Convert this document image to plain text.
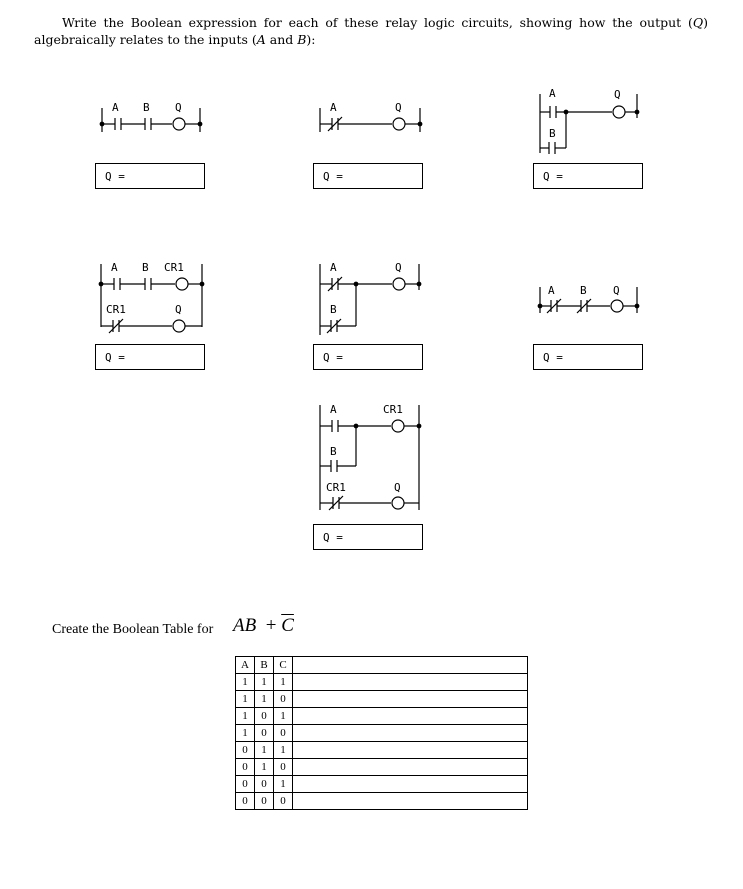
Write the Boolean expression for each of these relay logic circuits, showing how the output (Q) algebraically relates to the inputs (A and B):

A B Q	A	Q
A
B
Q
A B CR1
CR1	Q
A
B
Q
A B Q
A
B
CR1
CR1	Q
Q =	Q =	Q =
Q =	Q =	Q =
Q =
Create the Boolean Table for AB + $\overline{C}$
A	B	C	
1	1	1	
1	1	0	
1	0	1	
1	0	0	
0	1	1	
0	1	0	
0	0	1	
0	0	0	
